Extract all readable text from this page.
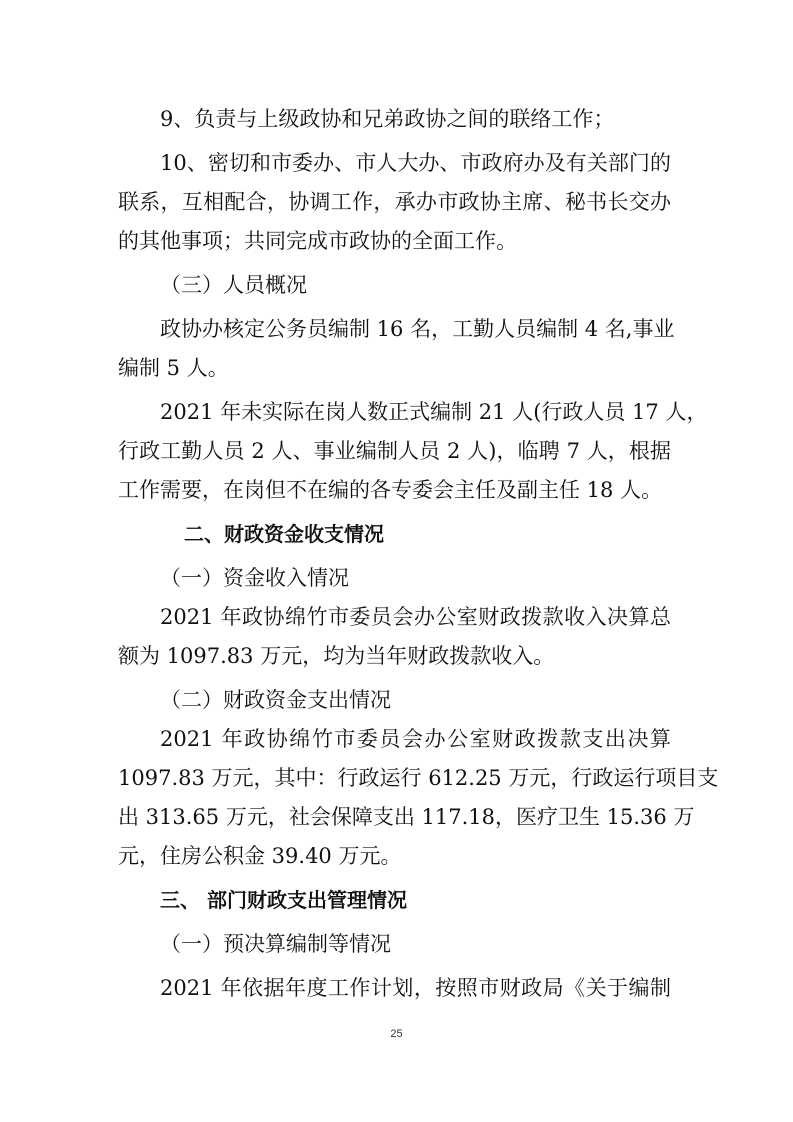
9、负责与上级政协和兄弟政协之间的联络工作；
10、密切和市委办、市人大办、市政府办及有关部门的
联系，互相配合，协调工作，承办市政协主席、秘书长交办
的其他事项；共同完成市政协的全面工作。
（三）人员概况
政协办核定公务员编制 16 名，工勤人员编制 4 名,事业
编制 5 人。
2021 年未实际在岗人数正式编制 21 人(行政人员 17 人，
行政工勤人员 2 人、事业编制人员 2 人)，临聘 7 人，根据
工作需要，在岗但不在编的各专委会主任及副主任 18 人。
二、财政资金收支情况
（一）资金收入情况
2021 年政协绵竹市委员会办公室财政拨款收入决算总
额为 1097.83 万元，均为当年财政拨款收入。
（二）财政资金支出情况
2021 年政协绵竹市委员会办公室财政拨款支出决算
1097.83 万元，其中：行政运行 612.25 万元，行政运行项目支
出 313.65 万元，社会保障支出 117.18，医疗卫生 15.36 万
元，住房公积金 39.40 万元。
三、 部门财政支出管理情况
（一）预决算编制等情况
2021 年依据年度工作计划，按照市财政局《关于编制
25
